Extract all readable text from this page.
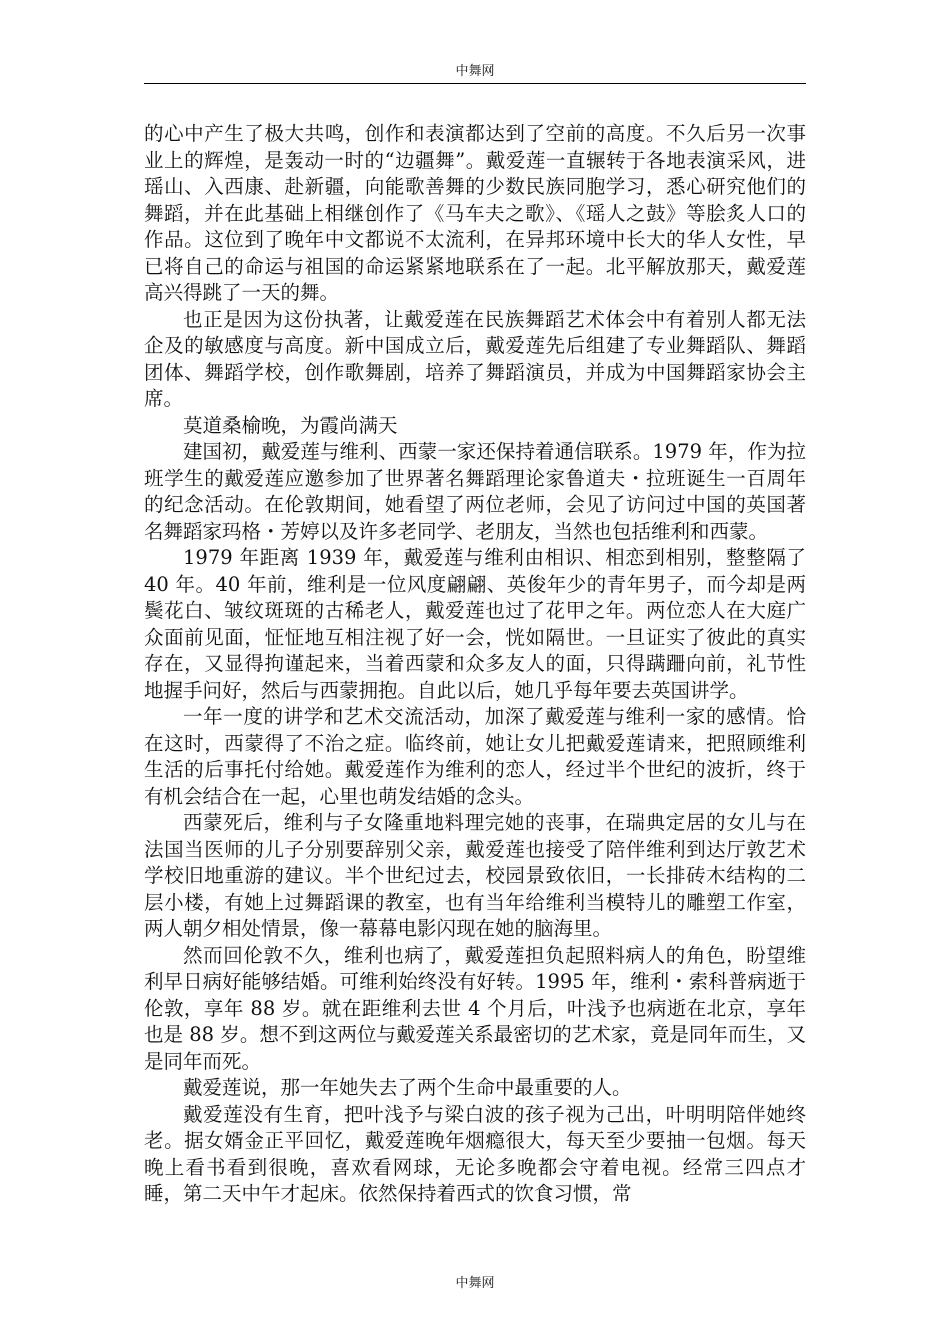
中舞网

的心中产生了极大共鸣，创作和表演都达到了空前的高度。不久后另一次事业上的辉煌，是轰动一时的“边疆舞”。戴爱莲一直辗转于各地表演采风，进瑶山、入西康、赴新疆，向能歌善舞的少数民族同胞学习，悉心研究他们的舞蹈，并在此基础上相继创作了《马车夫之歌》、《瑶人之鼓》等脍炙人口的作品。这位到了晚年中文都说不太流利，在异邦环境中长大的华人女性，早已将自己的命运与祖国的命运紧紧地联系在了一起。北平解放那天，戴爱莲高兴得跳了一天的舞。

也正是因为这份执著，让戴爱莲在民族舞蹈艺术体会中有着别人都无法企及的敏感度与高度。新中国成立后，戴爱莲先后组建了专业舞蹈队、舞蹈团体、舞蹈学校，创作歌舞剧，培养了舞蹈演员，并成为中国舞蹈家协会主席。

莫道桑榆晚，为霞尚满天

建国初，戴爱莲与维利、西蒙一家还保持着通信联系。1979 年，作为拉班学生的戴爱莲应邀参加了世界著名舞蹈理论家鲁道夫・拉班诞生一百周年的纪念活动。在伦敦期间，她看望了两位老师，会见了访问过中国的英国著名舞蹈家玛格・芳婷以及许多老同学、老朋友，当然也包括维利和西蒙。

1979 年距离 1939 年，戴爱莲与维利由相识、相恋到相别，整整隔了 40 年。40 年前，维利是一位风度翩翩、英俊年少的青年男子，而今却是两鬓花白、皱纹斑斑的古稀老人，戴爱莲也过了花甲之年。两位恋人在大庭广众面前见面，怔怔地互相注视了好一会，恍如隔世。一旦证实了彼此的真实存在，又显得拘谨起来，当着西蒙和众多友人的面，只得蹒跚向前，礼节性地握手问好，然后与西蒙拥抱。自此以后，她几乎每年要去英国讲学。

一年一度的讲学和艺术交流活动，加深了戴爱莲与维利一家的感情。恰在这时，西蒙得了不治之症。临终前，她让女儿把戴爱莲请来，把照顾维利生活的后事托付给她。戴爱莲作为维利的恋人，经过半个世纪的波折，终于有机会结合在一起，心里也萌发结婚的念头。

西蒙死后，维利与子女隆重地料理完她的丧事，在瑞典定居的女儿与在法国当医师的儿子分别要辞别父亲，戴爱莲也接受了陪伴维利到达厅敦艺术学校旧地重游的建议。半个世纪过去，校园景致依旧，一长排砖木结构的二层小楼，有她上过舞蹈课的教室，也有当年给维利当模特儿的雕塑工作室，两人朝夕相处情景，像一幕幕电影闪现在她的脑海里。

然而回伦敦不久，维利也病了，戴爱莲担负起照料病人的角色，盼望维利早日病好能够结婚。可维利始终没有好转。1995 年，维利・索科普病逝于伦敦，享年 88 岁。就在距维利去世 4 个月后，叶浅予也病逝在北京，享年也是 88 岁。想不到这两位与戴爱莲关系最密切的艺术家，竟是同年而生，又是同年而死。

戴爱莲说，那一年她失去了两个生命中最重要的人。

戴爱莲没有生育，把叶浅予与梁白波的孩子视为己出，叶明明陪伴她终老。据女婿金正平回忆，戴爱莲晚年烟瘾很大，每天至少要抽一包烟。每天晚上看书看到很晚，喜欢看网球，无论多晚都会守着电视。经常三四点才睡，第二天中午才起床。依然保持着西式的饮食习惯，常

中舞网
